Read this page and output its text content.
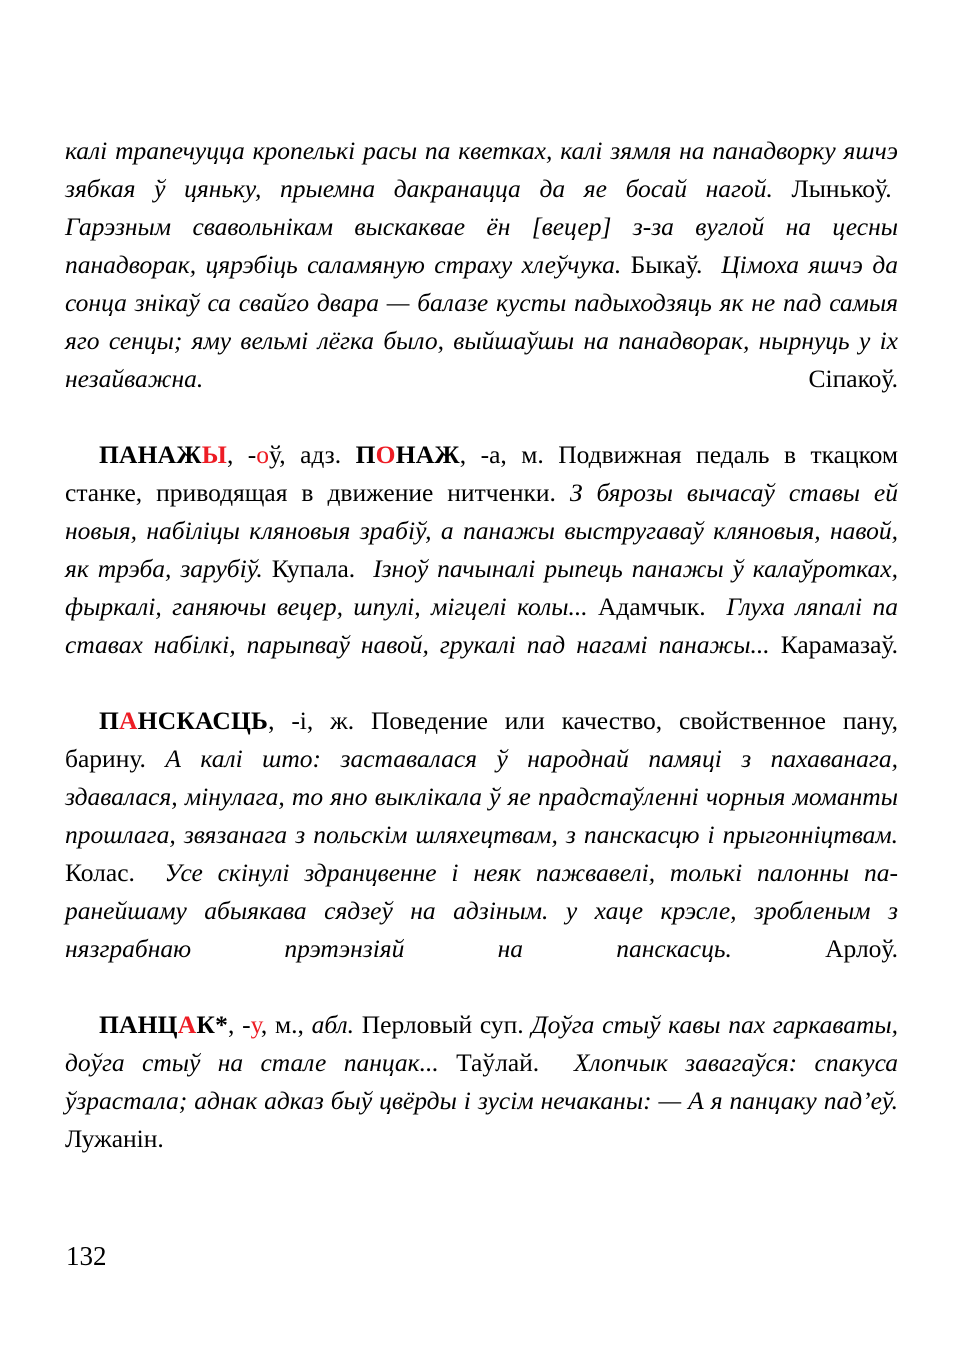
калі трапечуцца кропелькі расы па кветках, калі зямля на панадворку яшчэ зябкая ў цяньку, прыемна дакранацца да яе босай нагой. Лынькоў.  Гарэзным свавольнікам выскаквае ён [вецер] з-за вуглой на цесны панадворак, цярэбіць саламяную страху хлеўчука. Быкаў. Цімоха яшчэ да сонца знікаў са свайго двара — балазе кусты падыходзяць як не пад самыя яго сенцы; яму вельмі лёгка было, выйшаўшы на панадворак, нырнуць у іх незайважна.	Сіпакоў.

ПАНАЖЫ, -оў, адз. ПОНАЖ, -а, м. Подвижная педаль в ткацком станке, приводящая в движение нитченки. З бярозы вычасаў ставы ей новыя, набіліцы кляновыя зрабіў, а панажы выстругаваў кляновыя, навой, як трэба, зарубіў. Купала. Ізноў пачыналі рыпець панажы ў калаўротках, фыркалі, ганяючы вецер, шпулі, мігцелі колы... Адамчык. Глуха ляпалі па ставах набілкі, парыпваў навой, грукалі пад нагамі панажы... Карамазаў.

ПАНСКАСЦЬ, -і, ж. Поведение или качество, свойственное пану, барину. А калі што: заставалася ў народнай памяці з пахаванага, здавалася, мінулага, то яно выклікала ў яе прадстаўленні чорныя моманты прошлага, звязанага з польскім шляхецтвам, з панскасцю і прыгонніцтвам. Колас. Усе скінулі здранцвенне і неяк пажвавелі, толькі палонны па-ранейшаму абыякава сядзеў на адзіным. у хаце крэсле, зробленым з нязграбнаю прэтэнзіяй на панскасць.	Арлоў.

ПАНЦАК*, -у, м., абл. Перловый суп. Доўга стыў кавы пах гаркаваты, доўга стыў на стале панцак... Таўлай. Хлопчык завагаўся: спакуса ўзрастала; аднак адказ быў цвёрды і зусім нечаканы: — А я панцаку пад’еў. Лужанін.

132
